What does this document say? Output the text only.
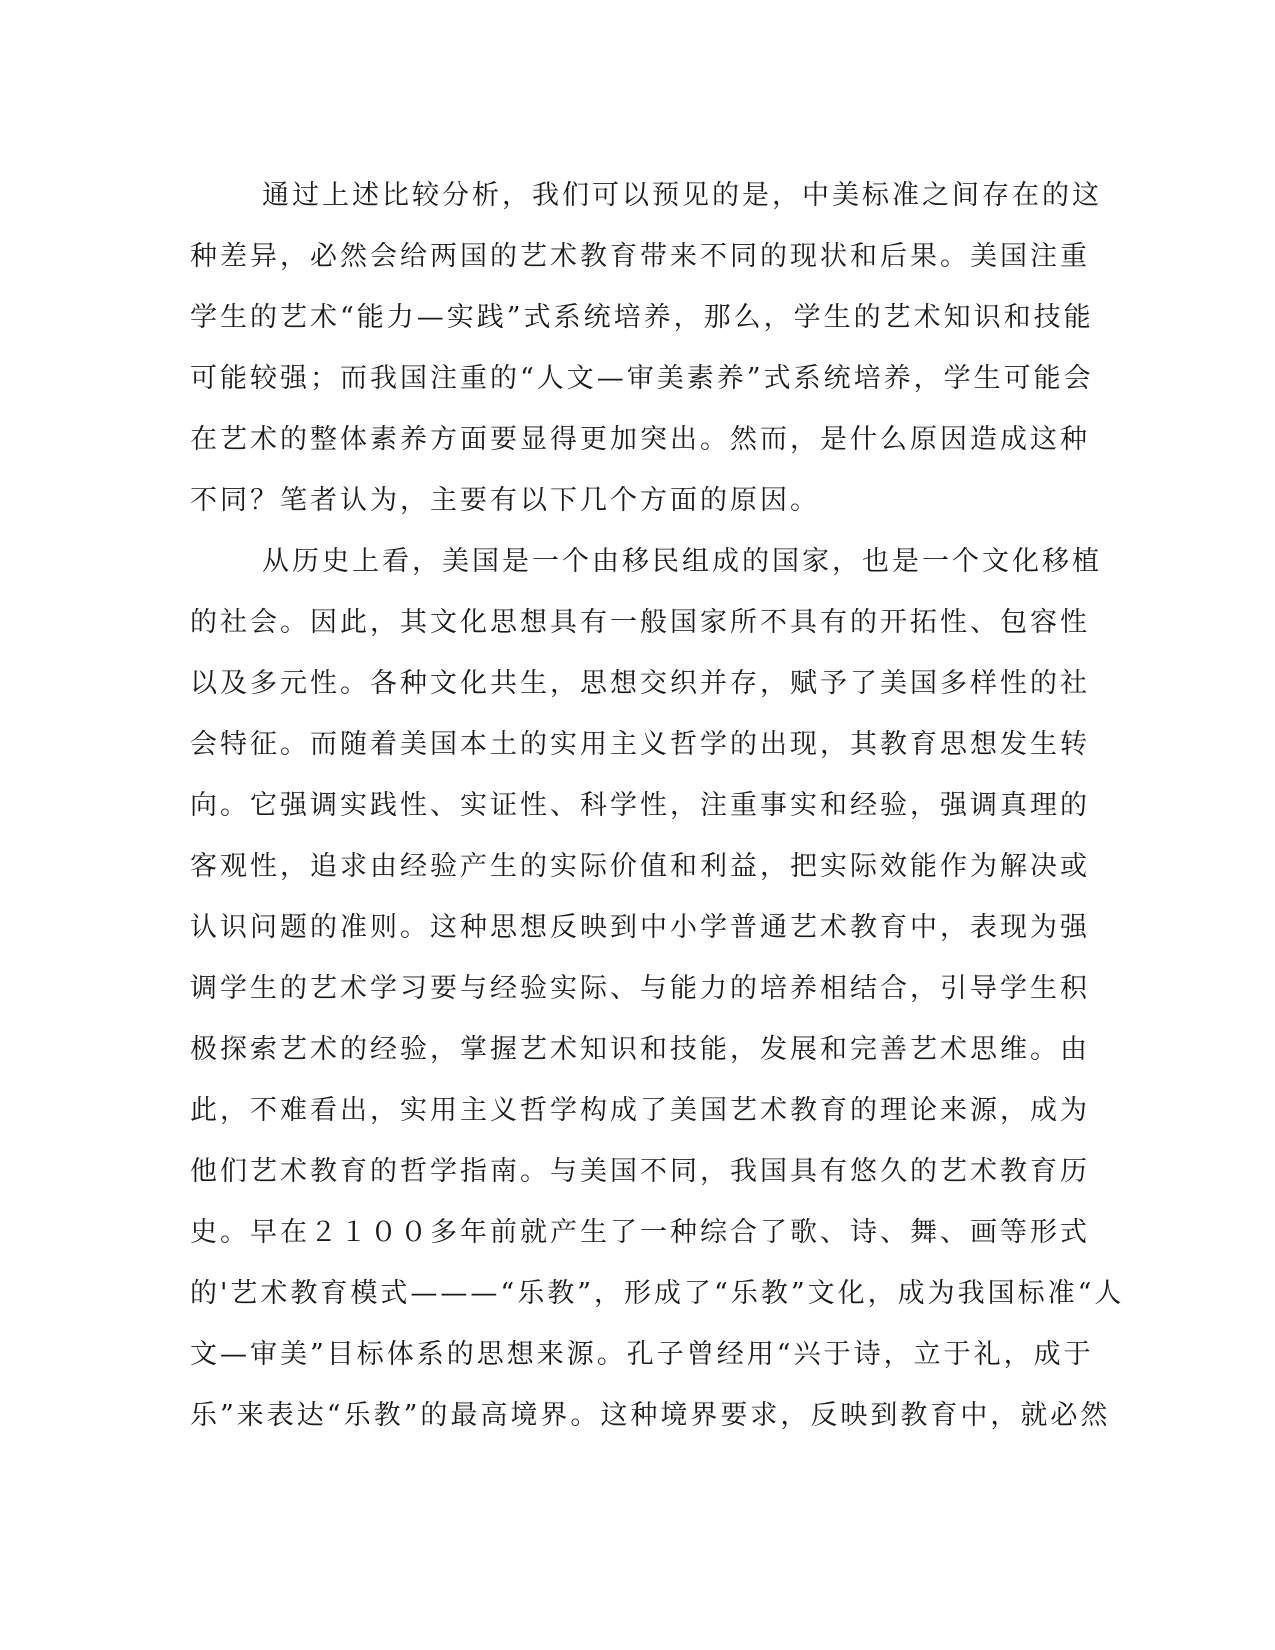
通过上述比较分析，我们可以预见的是，中美标准之间存在的这
种差异，必然会给两国的艺术教育带来不同的现状和后果。美国注重
学生的艺术“能力—实践”式系统培养，那么，学生的艺术知识和技能
可能较强；而我国注重的“人文—审美素养”式系统培养，学生可能会
在艺术的整体素养方面要显得更加突出。然而，是什么原因造成这种
不同？笔者认为，主要有以下几个方面的原因。
从历史上看，美国是一个由移民组成的国家，也是一个文化移植
的社会。因此，其文化思想具有一般国家所不具有的开拓性、包容性
以及多元性。各种文化共生，思想交织并存，赋予了美国多样性的社
会特征。而随着美国本土的实用主义哲学的出现，其教育思想发生转
向。它强调实践性、实证性、科学性，注重事实和经验，强调真理的
客观性，追求由经验产生的实际价值和利益，把实际效能作为解决或
认识问题的准则。这种思想反映到中小学普通艺术教育中，表现为强
调学生的艺术学习要与经验实际、与能力的培养相结合，引导学生积
极探索艺术的经验，掌握艺术知识和技能，发展和完善艺术思维。由
此，不难看出，实用主义哲学构成了美国艺术教育的理论来源，成为
他们艺术教育的哲学指南。与美国不同，我国具有悠久的艺术教育历
史。早在２１００多年前就产生了一种综合了歌、诗、舞、画等形式
的'艺术教育模式———“乐教”，形成了“乐教”文化，成为我国标准“人
文—审美”目标体系的思想来源。孔子曾经用“兴于诗，立于礼，成于
乐”来表达“乐教”的最高境界。这种境界要求，反映到教育中，就必然
